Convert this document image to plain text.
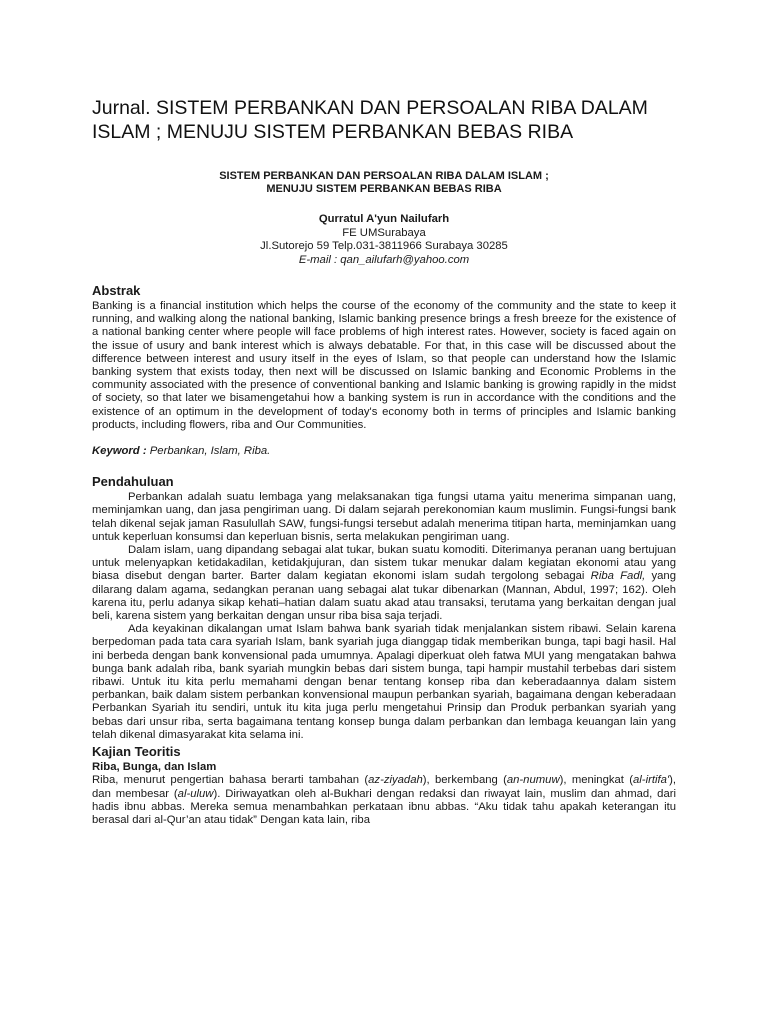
Jurnal. SISTEM PERBANKAN DAN PERSOALAN RIBA DALAM ISLAM ; MENUJU SISTEM PERBANKAN BEBAS RIBA
SISTEM PERBANKAN DAN PERSOALAN RIBA DALAM ISLAM ;
MENUJU SISTEM PERBANKAN BEBAS RIBA
Qurratul A'yun Nailufarh
FE UMSurabaya
Jl.Sutorejo 59 Telp.031-3811966 Surabaya 30285
E-mail : qan_ailufarh@yahoo.com
Abstrak

Banking is a financial institution which helps the course of the economy of the community and the state to keep it running, and walking along the national banking, Islamic banking presence brings a fresh breeze for the existence of a national banking center where people will face problems of high interest rates. However, society is faced again on the issue of usury and bank interest which is always debatable. For that, in this case will be discussed about the difference between interest and usury itself in the eyes of Islam, so that people can understand how the Islamic banking system that exists today, then next will be discussed on Islamic banking and Economic Problems in the community associated with the presence of conventional banking and Islamic banking is growing rapidly in the midst of society, so that later we bisamengetahui how a banking system is run in accordance with the conditions and the existence of an optimum in the development of today's economy both in terms of principles and Islamic banking products, including flowers, riba and Our Communities.

Keyword : Perbankan, Islam, Riba.
Pendahuluan

Perbankan adalah suatu lembaga yang melaksanakan tiga fungsi utama yaitu menerima simpanan uang, meminjamkan uang, dan jasa pengiriman uang. Di dalam sejarah perekonomian kaum muslimin. Fungsi-fungsi bank telah dikenal sejak jaman Rasulullah SAW, fungsi-fungsi tersebut adalah menerima titipan harta, meminjamkan uang untuk keperluan konsumsi dan keperluan bisnis, serta melakukan pengiriman uang.

Dalam islam, uang dipandang sebagai alat tukar, bukan suatu komoditi. Diterimanya peranan uang bertujuan untuk melenyapkan ketidakadilan, ketidakjujuran, dan sistem tukar menukar dalam kegiatan ekonomi atau yang biasa disebut dengan barter. Barter dalam kegiatan ekonomi islam sudah tergolong sebagai Riba Fadl, yang dilarang dalam agama, sedangkan peranan uang sebagai alat tukar dibenarkan (Mannan, Abdul, 1997; 162). Oleh karena itu, perlu adanya sikap kehati–hatian dalam suatu akad atau transaksi, terutama yang berkaitan dengan jual beli, karena sistem yang berkaitan dengan unsur riba bisa saja terjadi.

Ada keyakinan dikalangan umat Islam bahwa bank syariah tidak menjalankan sistem ribawi. Selain karena berpedoman pada tata cara syariah Islam, bank syariah juga dianggap tidak memberikan bunga, tapi bagi hasil. Hal ini berbeda dengan bank konvensional pada umumnya. Apalagi diperkuat oleh fatwa MUI yang mengatakan bahwa bunga bank adalah riba, bank syariah mungkin bebas dari sistem bunga, tapi hampir mustahil terbebas dari sistem ribawi. Untuk itu kita perlu memahami dengan benar tentang konsep riba dan keberadaannya dalam sistem perbankan, baik dalam sistem perbankan konvensional maupun perbankan syariah, bagaimana dengan keberadaan Perbankan Syariah itu sendiri, untuk itu kita juga perlu mengetahui Prinsip dan Produk perbankan syariah yang bebas dari unsur riba, serta bagaimana tentang konsep bunga dalam perbankan dan lembaga keuangan lain yang telah dikenal dimasyarakat kita selama ini.

Kajian Teoritis
Riba, Bunga, dan Islam

Riba, menurut pengertian bahasa berarti tambahan (az-ziyadah), berkembang (an-numuw), meningkat (al-irtifa'), dan membesar (al-uluw). Diriwayatkan oleh al-Bukhari dengan redaksi dan riwayat lain, muslim dan ahmad, dari hadis ibnu abbas. Mereka semua menambahkan perkataan ibnu abbas. “Aku tidak tahu apakah keterangan itu berasal dari al-Qur’an atau tidak” Dengan kata lain, riba
